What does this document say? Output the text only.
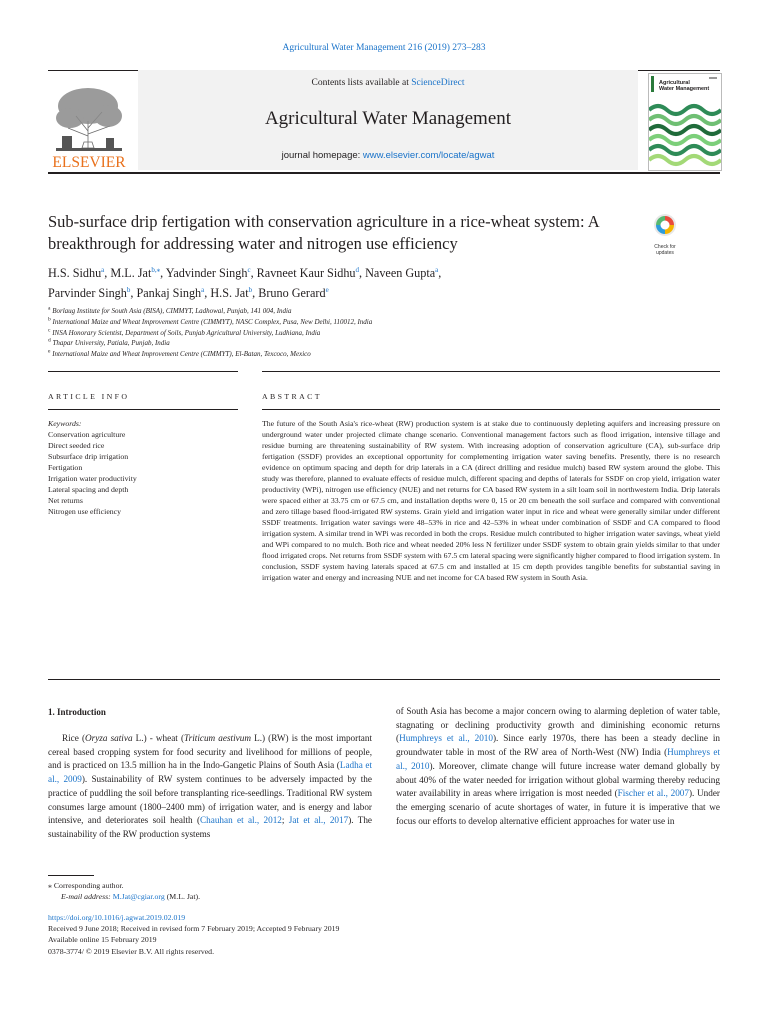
Agricultural Water Management 216 (2019) 273–283
ELSEVIER
Contents lists available at ScienceDirect
Agricultural Water Management
journal homepage: www.elsevier.com/locate/agwat
Agricultural
Water Management
Sub-surface drip fertigation with conservation agriculture in a rice-wheat system: A breakthrough for addressing water and nitrogen use efficiency	Check for updates
H.S. Sidhu$^a$, M.L. Jat$^{b,⁎}$, Yadvinder Singh$^c$, Ravneet Kaur Sidhu$^d$, Naveen Gupta$^a$,
Parvinder Singh$^b$, Pankaj Singh$^a$, H.S. Jat$^b$, Bruno Gerard$^e$
$^a$ Borlaug Institute for South Asia (BISA), CIMMYT, Ladhowal, Punjab, 141 004, India
$^b$ International Maize and Wheat Improvement Centre (CIMMYT), NASC Complex, Pusa, New Delhi, 110012, India
$^c$ INSA Honorary Scientist, Department of Soils, Punjab Agricultural University, Ludhiana, India
$^d$ Thapar University, Patiala, Punjab, India
$^e$ International Maize and Wheat Improvement Centre (CIMMYT), El-Batan, Texcoco, Mexico
ARTICLE INFO	ABSTRACT
Keywords:
Conservation agriculture
Direct seeded rice
Subsurface drip irrigation
Fertigation
Irrigation water productivity
Lateral spacing and depth
Net returns
Nitrogen use efficiency
The future of the South Asia's rice-wheat (RW) production system is at stake due to continuously depleting aquifers and increasing pressure on underground water under projected climate change scenario. Conventional management factors such as flood irrigation, intensive tillage and residue burning are threatening sustainability of RW system. With increasing adoption of conservation agriculture (CA), sub-surface drip fertigation (SSDF) provides an exceptional opportunity for complementing irrigation water saving benefits. Presently, there is no research evidence on optimum spacing and depth for drip laterals in a CA (direct drilling and residue mulch) based RW system around the globe. This study was therefore, planned to evaluate effects of residue mulch, different spacing and depths of laterals for SSDF on crop yield, irrigation water productivity (WPi), nitrogen use efficiency (NUE) and net returns for CA based RW system in a silt loam soil in northwestern India. Drip laterals were spaced either at 33.75 cm or 67.5 cm, and installation depths were 0, 15 or 20 cm beneath the soil surface and compared with conventional and zero tillage based flood-irrigated RW systems. Grain yield and irrigation water input in rice and wheat were generally similar under different SSDF treatments. Irrigation water savings were 48–53% in rice and 42–53% in wheat under combination of SSDF and CA compared to flood irrigation system. A similar trend in WPi was recorded in both the crops. Residue mulch contributed to higher irrigation water savings, wheat yield and WPi compared to no mulch. Both rice and wheat needed 20% less N fertilizer under SSDF system to obtain grain yields similar to that under flood irrigated crops. Net returns from SSDF system with 67.5 cm lateral spacing were significantly higher compared to flood irrigation system. In conclusion, SSDF system having laterals spaced at 67.5 cm and installed at 15 cm depth provides tangible benefits for substantial saving in irrigation water and energy and increasing NUE and net income for CA based RW system in South Asia.
1. Introduction
Rice (Oryza sativa L.) - wheat (Triticum aestivum L.) (RW) is the most important cereal based cropping system for food security and livelihood for millions of people, and is practiced on 13.5 million ha in the Indo-Gangetic Plains of South Asia (Ladha et al., 2009). Sustainability of RW system continues to be adversely impacted by the practice of puddling the soil before transplanting rice-seedlings. Traditional RW system consumes large amount (1800–2400 mm) of irrigation water, and is energy and labor intensive, and deteriorates soil health (Chauhan et al., 2012; Jat et al., 2017). The sustainability of the RW production systems
of South Asia has become a major concern owing to alarming depletion of water table, stagnating or declining productivity growth and diminishing economic returns (Humphreys et al., 2010). Since early 1970s, there has been a steady decline in groundwater table in most of the RW area of North-West (NW) India (Humphreys et al., 2010). Moreover, climate change will future increase water demand globally by about 40% of the water needed for irrigation without global warming thereby reducing water availability in areas where irrigation is most needed (Fischer et al., 2007). Under the emerging scenario of acute shortages of water, in future it is imperative that we focus our efforts to develop alternative efficient approaches for water use in
⁎ Corresponding author.
E-mail address: M.Jat@cgiar.org (M.L. Jat).
https://doi.org/10.1016/j.agwat.2019.02.019
Received 9 June 2018; Received in revised form 7 February 2019; Accepted 9 February 2019
Available online 15 February 2019
0378-3774/ © 2019 Elsevier B.V. All rights reserved.
